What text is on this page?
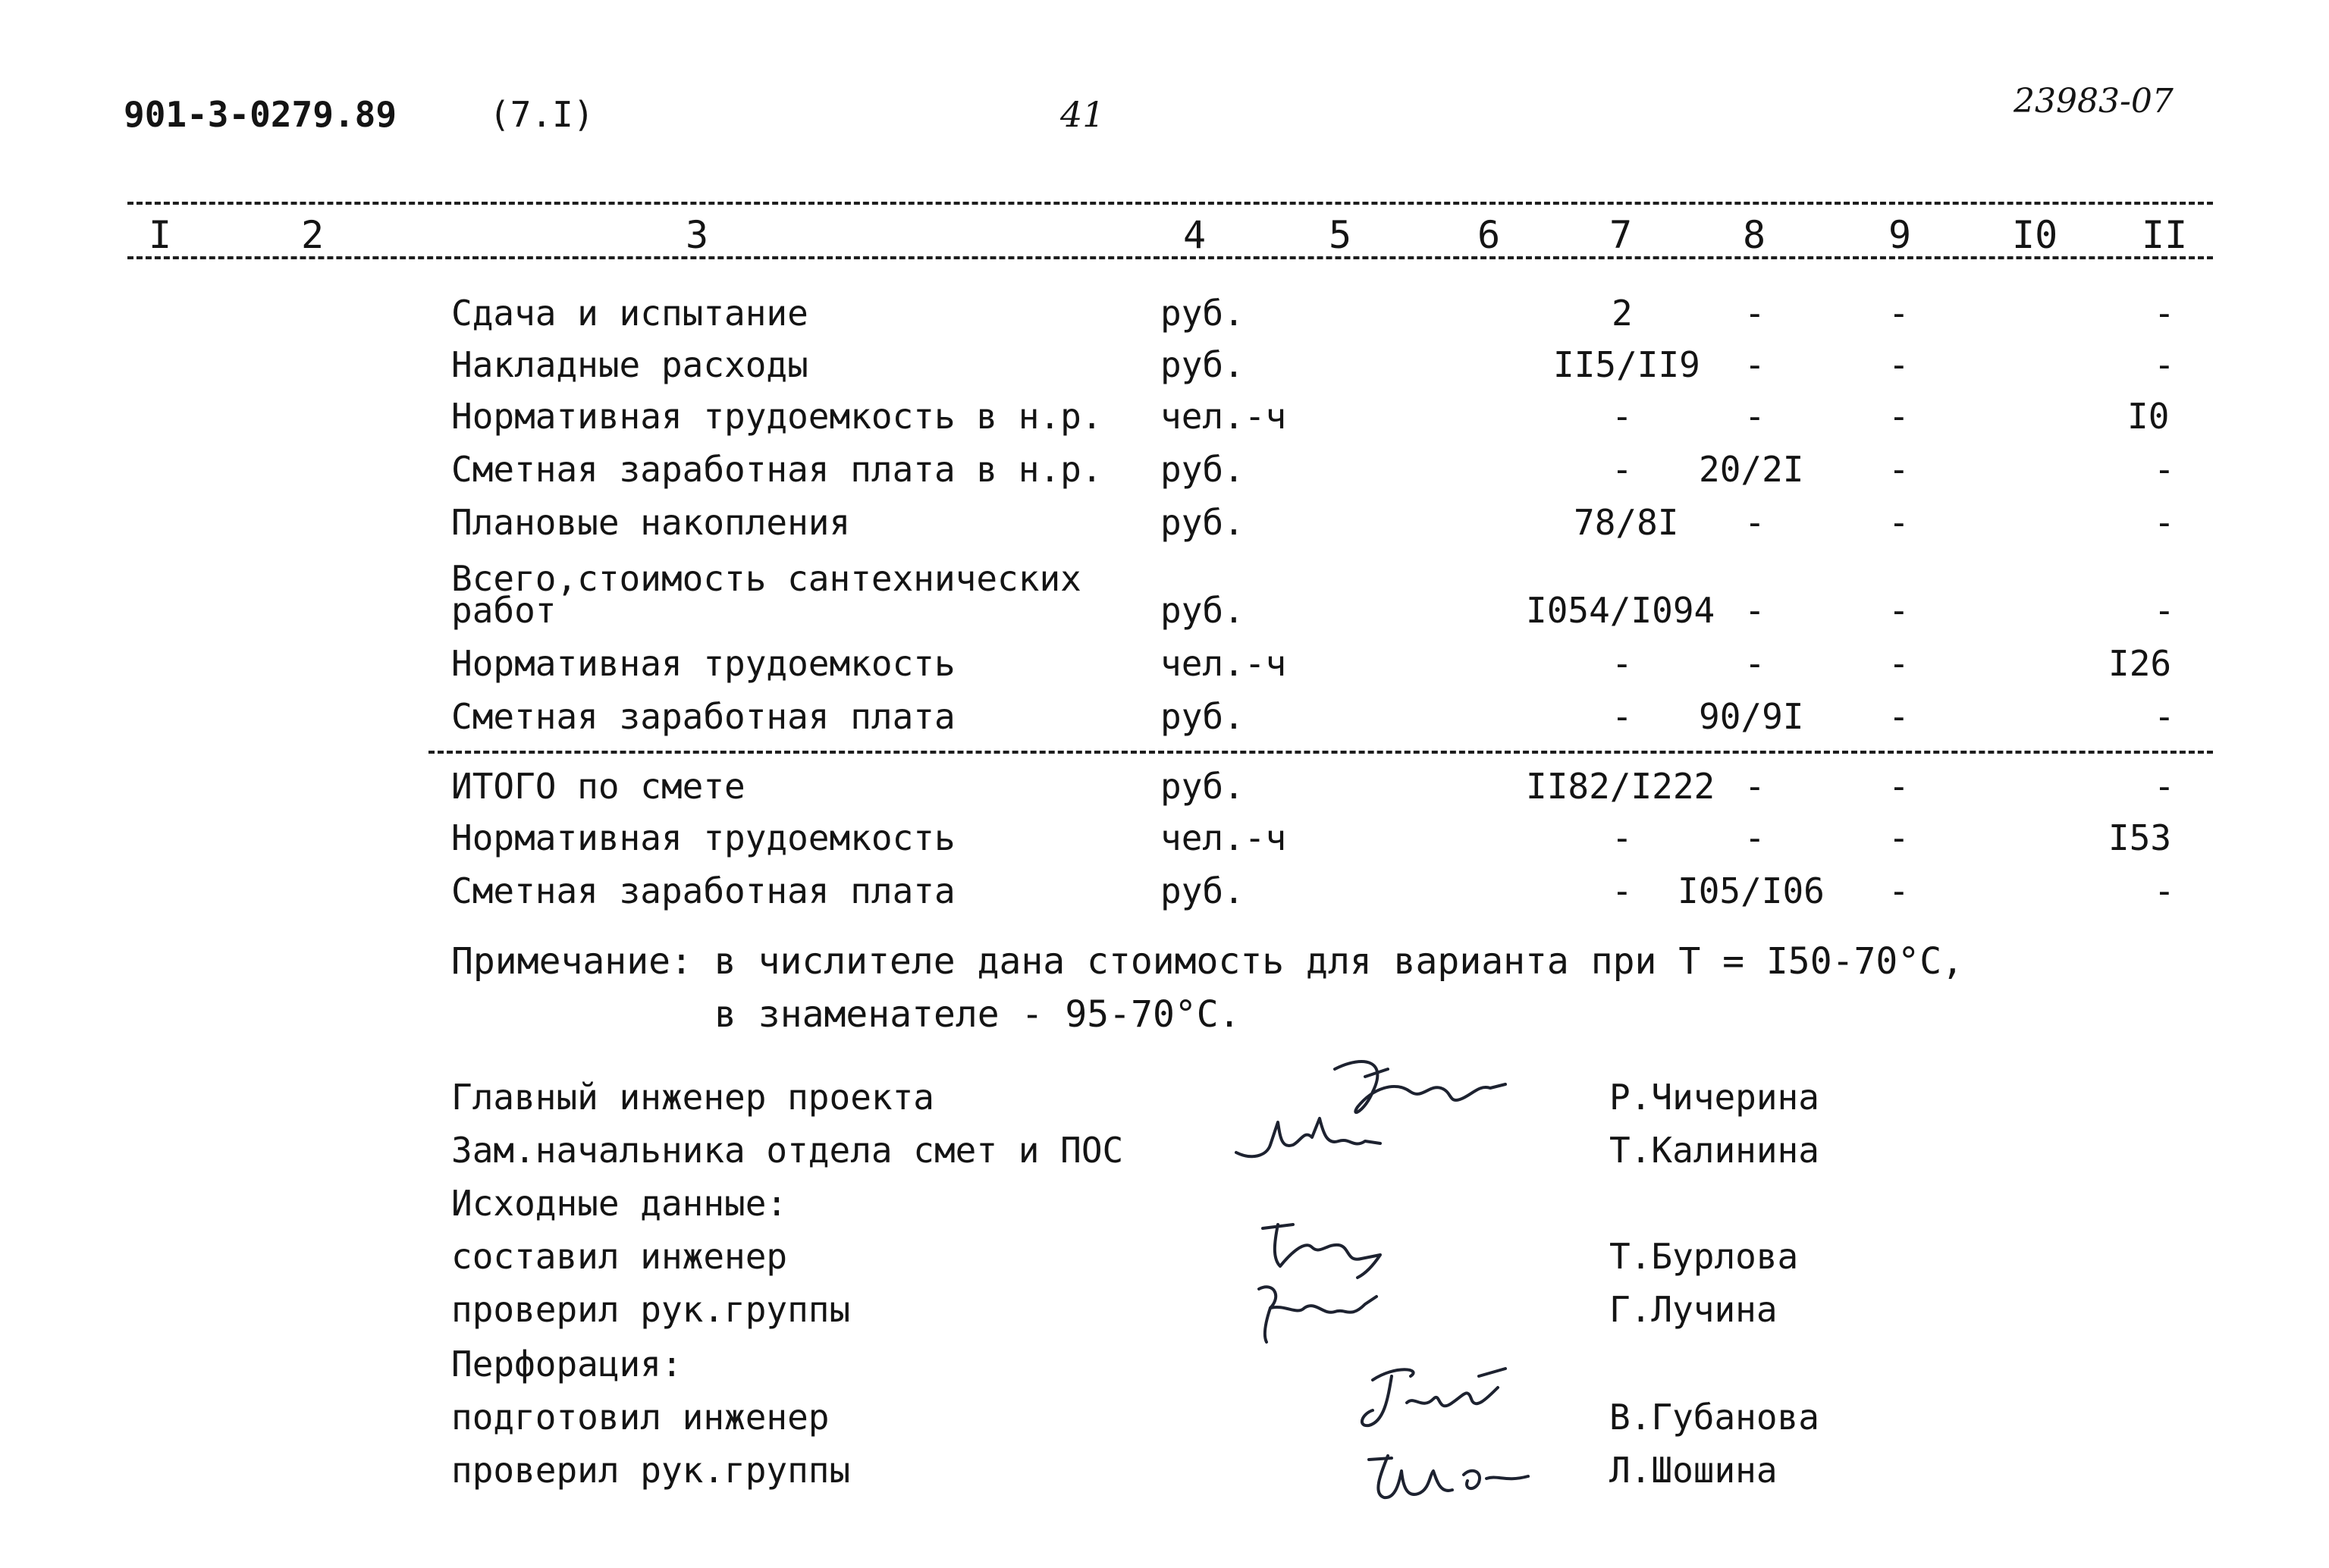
901-3-0279.89	(7.I)	41	23983-07
I	2	3	4	5	6	7	8	9	I0 II
Сдача и испытание	руб.	2	-	-	-
Накладные расходы	руб.	II5/II9 -	-	-
Нормативная трудоемкость в н.р. чел.-ч	-	-	-	I0
Сметная заработная плата в н.р. руб.	- 20/2I -	-
Плановые накопления	руб.	78/8I -	-	-
Всего,стоимость сантехнических
работ	руб.	I054/I094 -	-	-
Нормативная трудоемкость	чел.-ч	-	-	-	I26
Сметная заработная плата	руб.	- 90/9I -	-
ИТОГО по смете	руб.	II82/I222 -	-	-
Нормативная трудоемкость	чел.-ч	-	-	-	I53
Сметная заработная плата	руб.	- I05/I06 -	-
Примечание: в числителе дана стоимость для варианта при Т = I50-70°С,
в знаменателе - 95-70°С.
Главный инженер проекта	Р.Чичерина
Зам.начальника отдела смет и ПОС	Т.Калинина
Исходные данные:
составил инженер	Т.Бурлова
проверил рук.группы	Г.Лучина
Перфорация:
подготовил инженер	В.Губанова
проверил рук.группы	Л.Шошина
